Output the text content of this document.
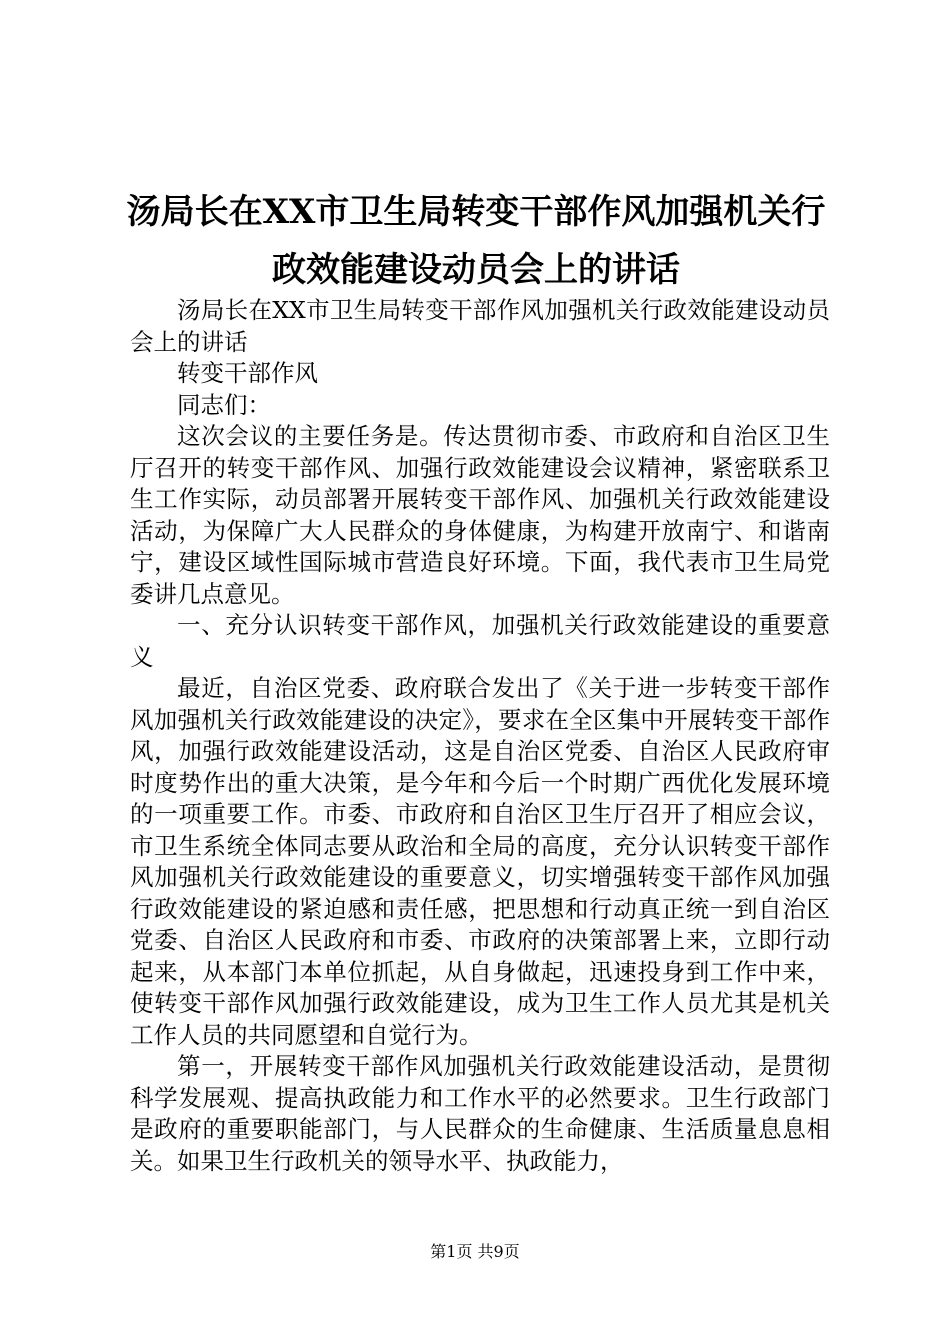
汤局长在XX市卫生局转变干部作风加强机关行政效能建设动员会上的讲话

汤局长在XX市卫生局转变干部作风加强机关行政效能建设动员会上的讲话

转变干部作风

同志们：

这次会议的主要任务是。传达贯彻市委、市政府和自治区卫生厅召开的转变干部作风、加强行政效能建设会议精神，紧密联系卫生工作实际，动员部署开展转变干部作风、加强机关行政效能建设活动，为保障广大人民群众的身体健康，为构建开放南宁、和谐南宁，建设区域性国际城市营造良好环境。下面，我代表市卫生局党委讲几点意见。

一、充分认识转变干部作风，加强机关行政效能建设的重要意义

最近，自治区党委、政府联合发出了《关于进一步转变干部作风加强机关行政效能建设的决定》，要求在全区集中开展转变干部作风，加强行政效能建设活动，这是自治区党委、自治区人民政府审时度势作出的重大决策，是今年和今后一个时期广西优化发展环境的一项重要工作。市委、市政府和自治区卫生厅召开了相应会议，市卫生系统全体同志要从政治和全局的高度，充分认识转变干部作风加强机关行政效能建设的重要意义，切实增强转变干部作风加强行政效能建设的紧迫感和责任感，把思想和行动真正统一到自治区党委、自治区人民政府和市委、市政府的决策部署上来，立即行动起来，从本部门本单位抓起，从自身做起，迅速投身到工作中来，使转变干部作风加强行政效能建设，成为卫生工作人员尤其是机关工作人员的共同愿望和自觉行为。

第一，开展转变干部作风加强机关行政效能建设活动，是贯彻科学发展观、提高执政能力和工作水平的必然要求。卫生行政部门是政府的重要职能部门，与人民群众的生命健康、生活质量息息相关。如果卫生行政机关的领导水平、执政能力，

第1页 共9页
